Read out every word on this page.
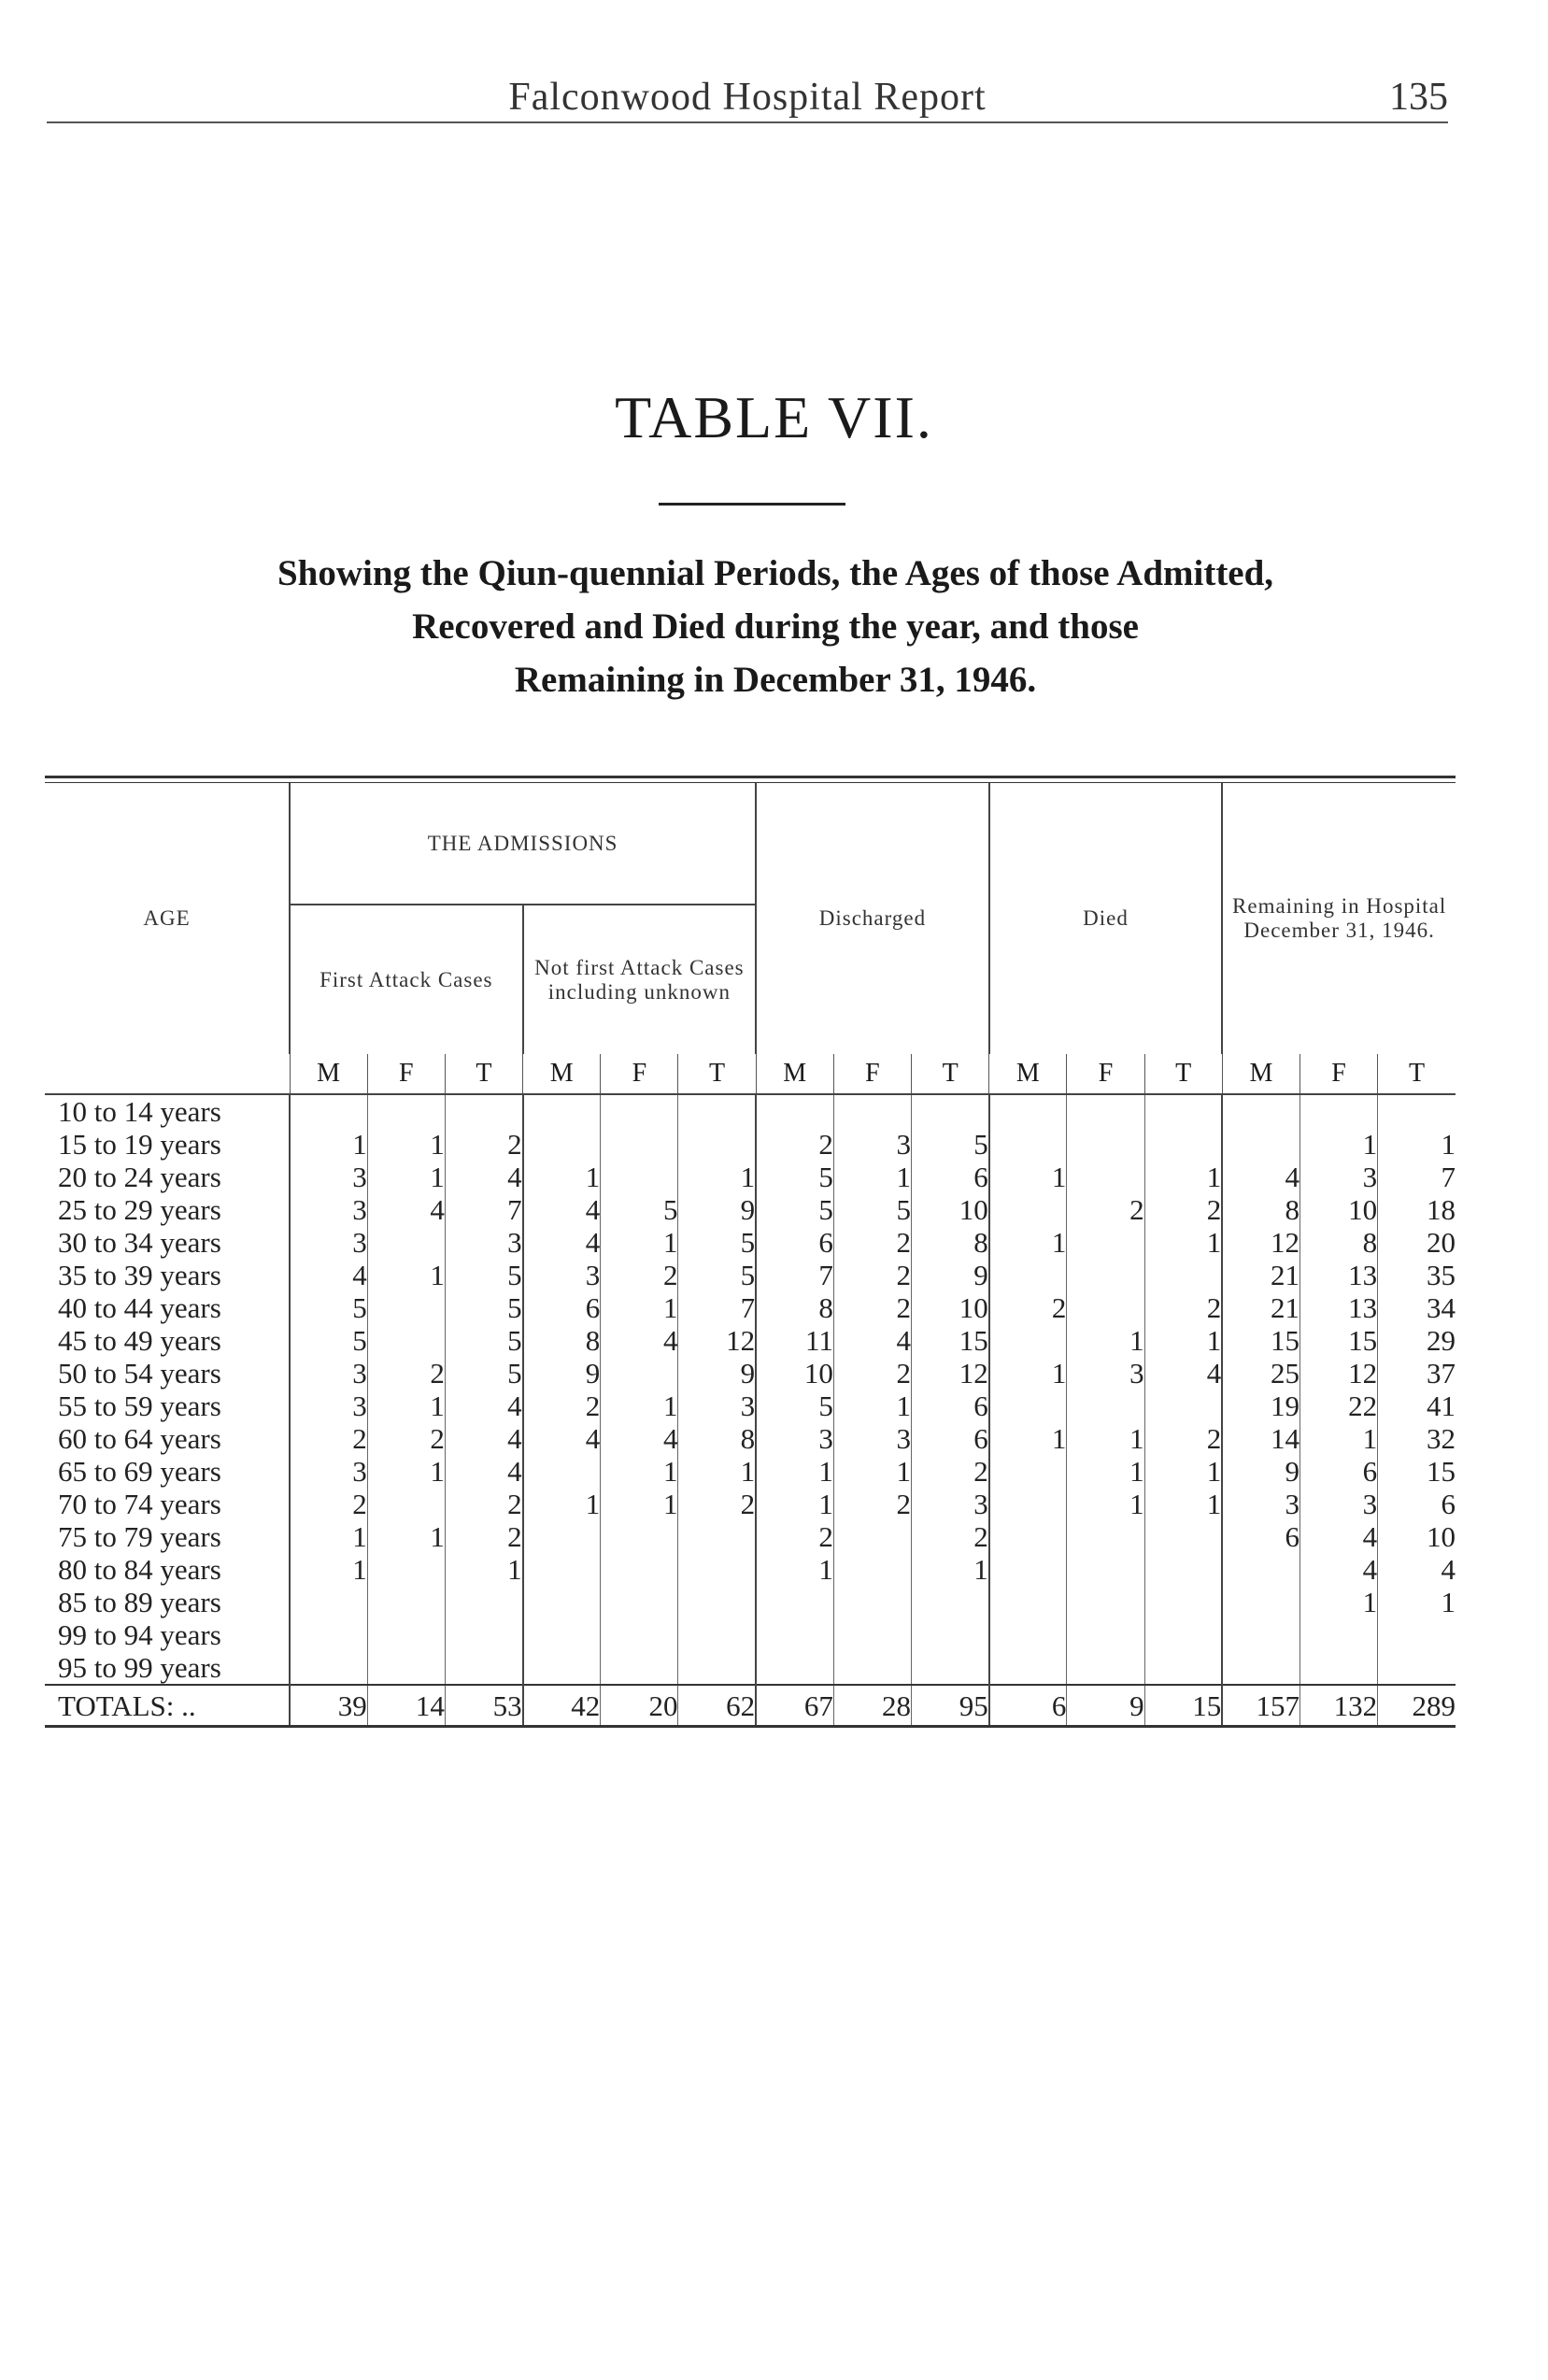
Falconwood Hospital Report	135
TABLE VII.
Showing the Qiun-quennial Periods, the Ages of those Admitted,
Recovered and Died during the year, and those
Remaining in December 31, 1946.
AGE	THE ADMISSIONS						Discharged			Died			Remaining in Hospital December 31, 1946.		
	First Attack Cases			Not first Attack Cases including unknown											
	M	F	T	M	F	T	M	F	T	M	F	T	M	F	T
10 to 14 years															
15 to 19 years	1	1	2				2	3	5					1	1
20 to 24 years	3	1	4	1		1	5	1	6	1		1	4	3	7
25 to 29 years	3	4	7	4	5	9	5	5	10		2	2	8	10	18
30 to 34 years	3		3	4	1	5	6	2	8	1		1	12	8	20
35 to 39 years	4	1	5	3	2	5	7	2	9				21	13	35
40 to 44 years	5		5	6	1	7	8	2	10	2		2	21	13	34
45 to 49 years	5		5	8	4	12	11	4	15		1	1	15	15	29
50 to 54 years	3	2	5	9		9	10	2	12	1	3	4	25	12	37
55 to 59 years	3	1	4	2	1	3	5	1	6				19	22	41
60 to 64 years	2	2	4	4	4	8	3	3	6	1	1	2	14	1	32
65 to 69 years	3	1	4		1	1	1	1	2		1	1	9	6	15
70 to 74 years	2		2	1	1	2	1	2	3		1	1	3	3	6
75 to 79 years	1	1	2				2		2				6	4	10
80 to 84 years	1		1				1		1					4	4
85 to 89 years														1	1
99 to 94 years															
95 to 99 years															
TOTALS: ..	39	14	53	42	20	62	67	28	95	6	9	15	157	132	289
